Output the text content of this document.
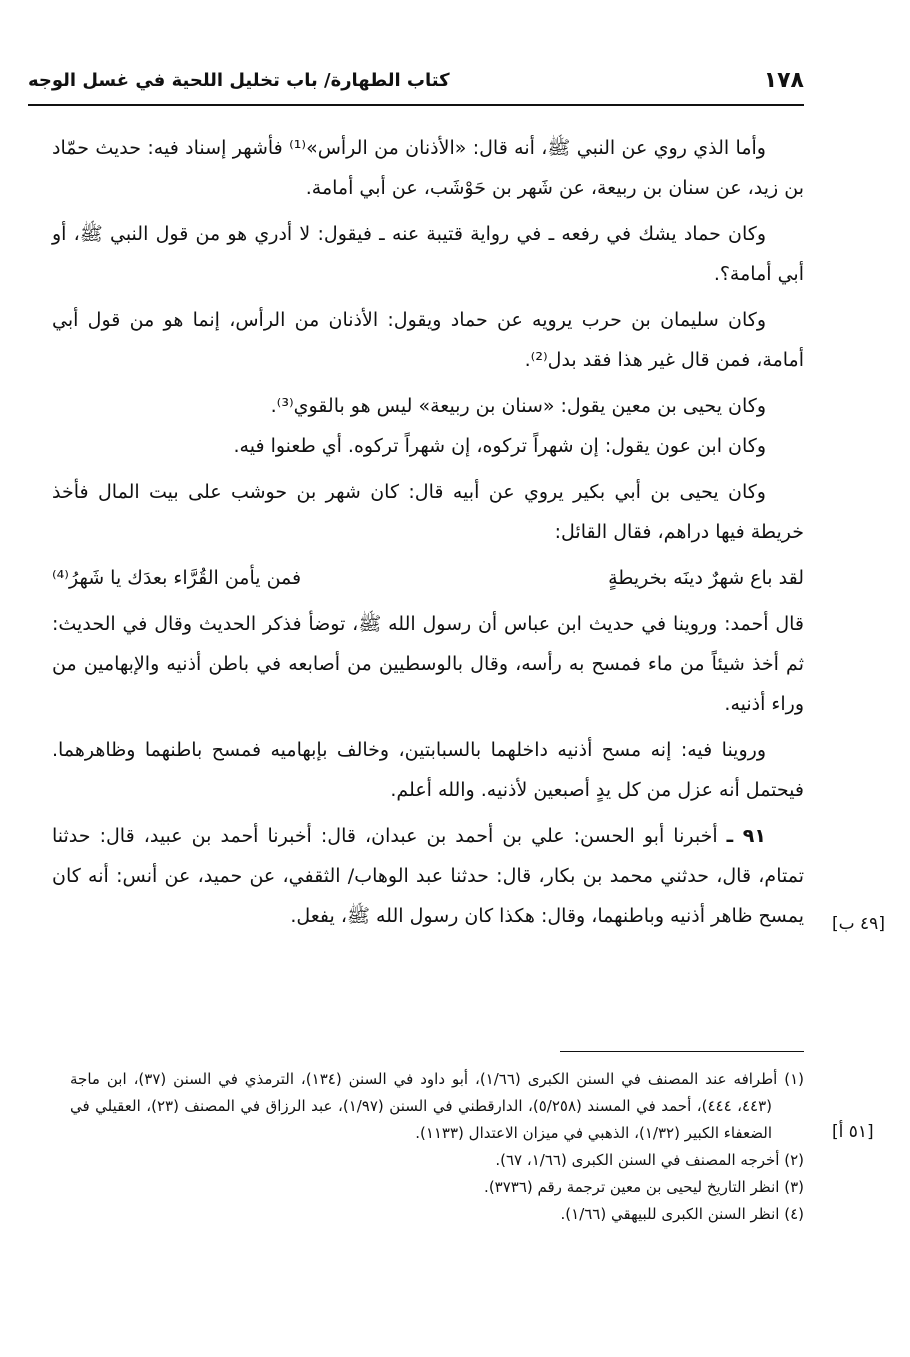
١٧٨
كتاب الطهارة/ باب تخليل اللحية في غسل الوجه

وأما الذي روي عن النبي ﷺ، أنه قال: «الأذنان من الرأس»⁽¹⁾ فأشهر إسناد فيه: حديث حمّاد بن زيد، عن سنان بن ربيعة، عن شَهر بن حَوْشَب، عن أبي أمامة.

وكان حماد يشك في رفعه ـ في رواية قتيبة عنه ـ فيقول: لا أدري هو من قول النبي ﷺ، أو أبي أمامة؟.

وكان سليمان بن حرب يرويه عن حماد ويقول: الأذنان من الرأس، إنما هو من قول أبي أمامة، فمن قال غير هذا فقد بدل⁽²⁾.

وكان يحيى بن معين يقول: «سنان بن ربيعة» ليس هو بالقوي⁽³⁾.

وكان ابن عون يقول: إن شهراً تركوه، إن شهراً تركوه. أي طعنوا فيه.

وكان يحيى بن أبي بكير يروي عن أبيه قال: كان شهر بن حوشب على بيت المال فأخذ خريطة فيها دراهم، فقال القائل:

لقد باع شهرٌ دينَه بخريطةٍ
فمن يأمن القُرَّاء بعدَك يا شَهرُ⁽⁴⁾

قال أحمد: وروينا في حديث ابن عباس أن رسول الله ﷺ، توضأ فذكر الحديث وقال في الحديث: ثم أخذ شيئاً من ماء فمسح به رأسه، وقال بالوسطيين من أصابعه في باطن أذنيه والإبهامين من وراء أذنيه.

وروينا فيه: إنه مسح أذنيه داخلهما بالسبابتين، وخالف بإبهاميه فمسح باطنهما وظاهرهما. فيحتمل أنه عزل من كل يدٍ أصبعين لأذنيه. والله أعلم.

٩١ ـ أخبرنا أبو الحسن: علي بن أحمد بن عبدان، قال: أخبرنا أحمد بن عبيد، قال: حدثنا تمتام، قال، حدثني محمد بن بكار، قال: حدثنا عبد الوهاب/ الثقفي، عن حميد، عن أنس: أنه كان يمسح ظاهر أذنيه وباطنهما، وقال: هكذا كان رسول الله ﷺ، يفعل. [٤٩ ب]
[٥١ أ]

(١) أطرافه عند المصنف في السنن الكبرى (١/٦٦)، أبو داود في السنن (١٣٤)، الترمذي في السنن (٣٧)، ابن ماجة (٤٤٣، ٤٤٤)، أحمد في المسند (٥/٢٥٨)، الدارقطني في السنن (١/٩٧)، عبد الرزاق في المصنف (٢٣)، العقيلي في الضعفاء الكبير (١/٣٢)، الذهبي في ميزان الاعتدال (١١٣٣).

(٢) أخرجه المصنف في السنن الكبرى (١/٦٦، ٦٧).

(٣) انظر التاريخ ليحيى بن معين ترجمة رقم (٣٧٣٦).

(٤) انظر السنن الكبرى للبيهقي (١/٦٦).
